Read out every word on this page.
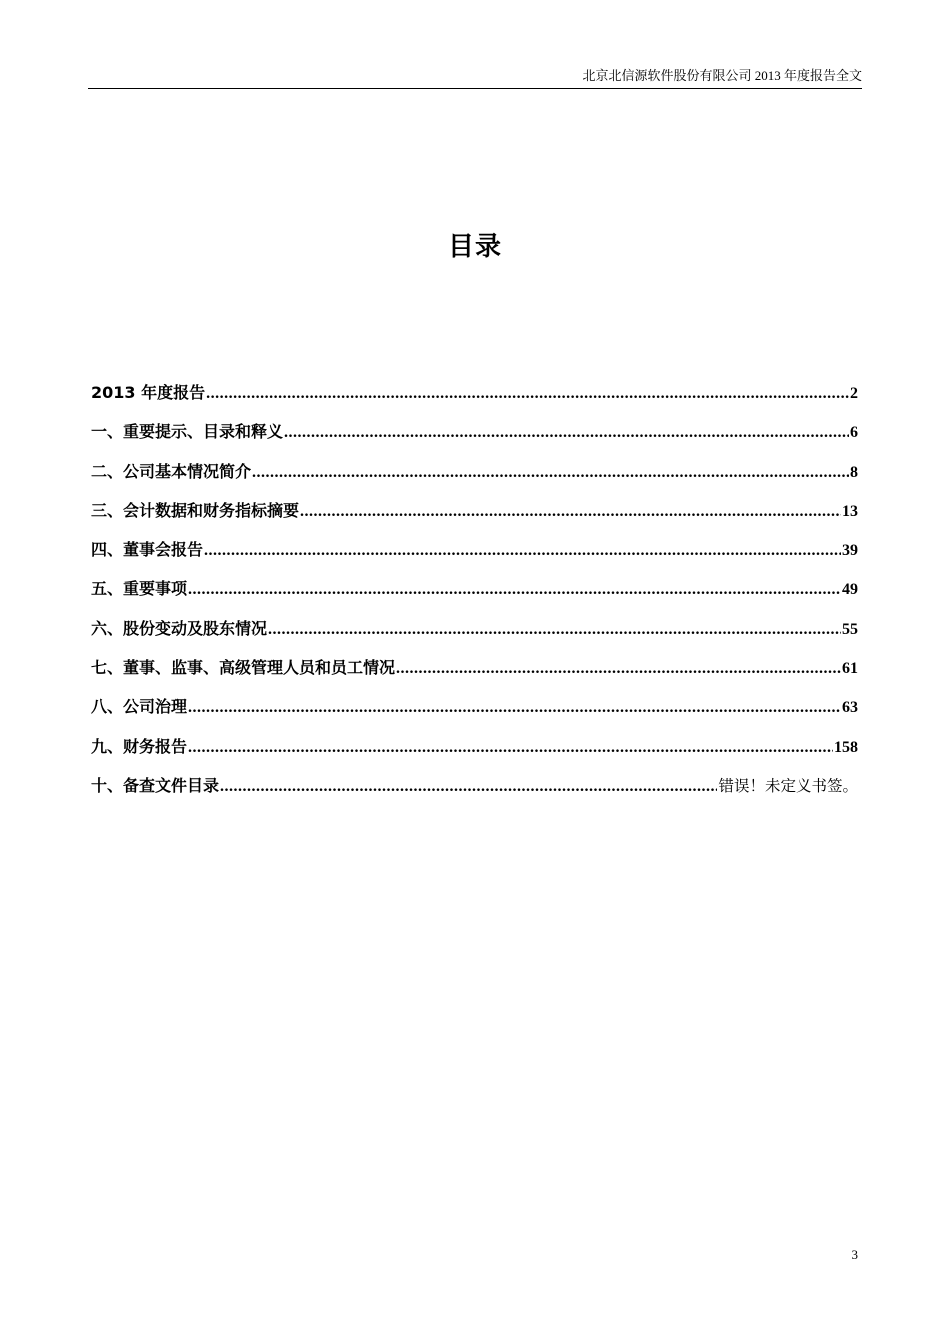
北京北信源软件股份有限公司 2013 年度报告全文
目录
2013 年度报告 .....	2
一、重要提示、目录和释义 .....	6
二、公司基本情况简介 .....	8
三、会计数据和财务指标摘要 .....	13
四、董事会报告 .....	39
五、重要事项 .....	49
六、股份变动及股东情况 .....	55
七、董事、监事、高级管理人员和员工情况 .....	61
八、公司治理 .....	63
九、财务报告 .....	158
十、备查文件目录 .....	错误！未定义书签。
3
